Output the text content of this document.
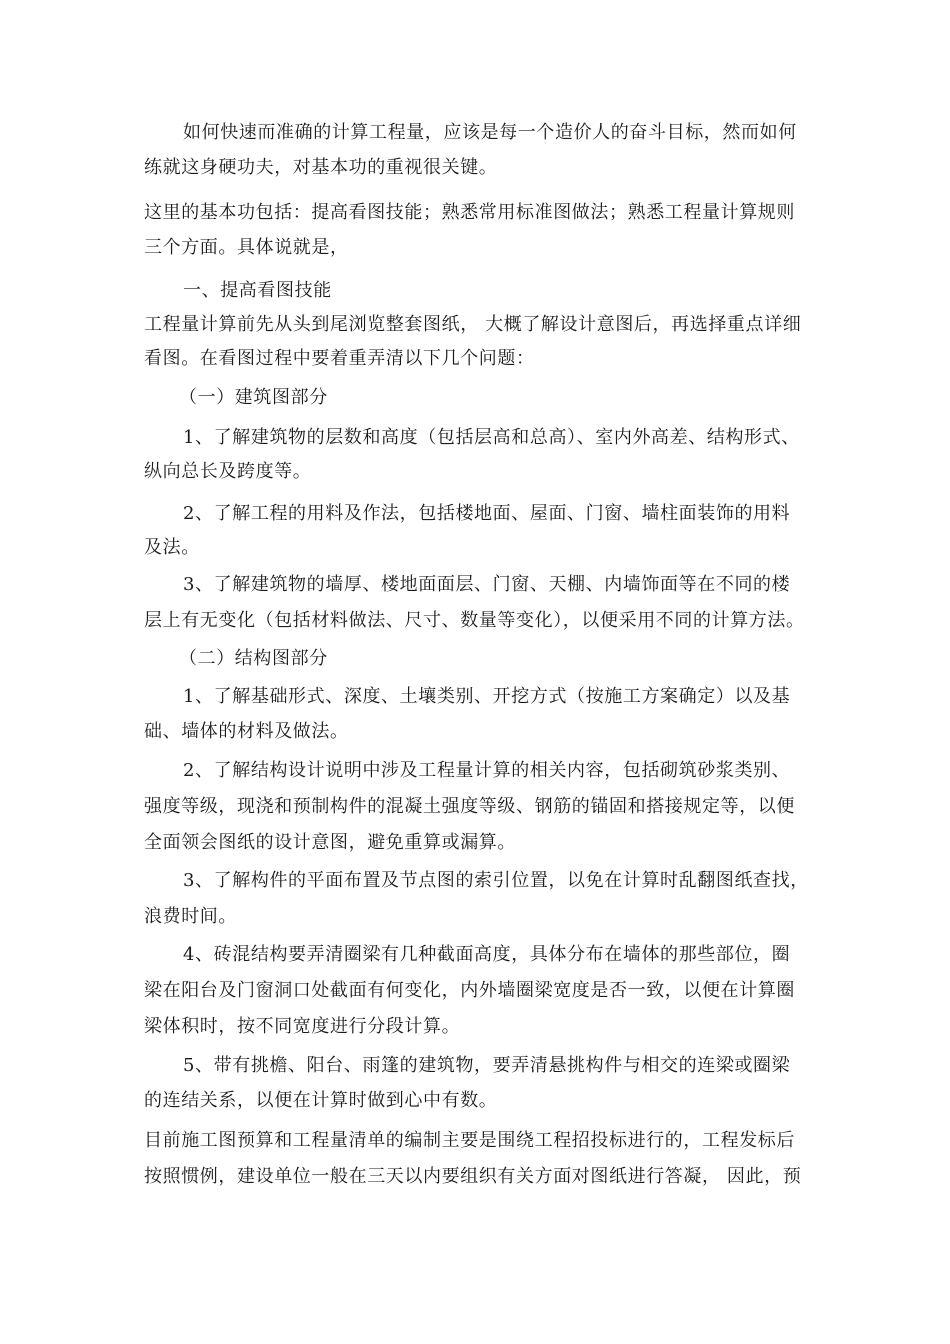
如何快速而准确的计算工程量，应该是每一个造价人的奋斗目标，然而如何
练就这身硬功夫，对基本功的重视很关键。
这里的基本功包括：提高看图技能；熟悉常用标准图做法；熟悉工程量计算规则
三个方面。具体说就是，
一、提高看图技能
工程量计算前先从头到尾浏览整套图纸， 大概了解设计意图后，再选择重点详细
看图。在看图过程中要着重弄清以下几个问题：
（一）建筑图部分
1、了解建筑物的层数和高度（包括层高和总高）、室内外高差、结构形式、
纵向总长及跨度等。
2、了解工程的用料及作法，包括楼地面、屋面、门窗、墙柱面装饰的用料
及法。
3、了解建筑物的墙厚、楼地面面层、门窗、天棚、内墙饰面等在不同的楼
层上有无变化（包括材料做法、尺寸、数量等变化），以便采用不同的计算方法。
（二）结构图部分
1、了解基础形式、深度、土壤类别、开挖方式（按施工方案确定）以及基
础、墙体的材料及做法。
2、了解结构设计说明中涉及工程量计算的相关内容，包括砌筑砂浆类别、
强度等级，现浇和预制构件的混凝土强度等级、钢筋的锚固和搭接规定等，以便
全面领会图纸的设计意图，避免重算或漏算。
3、了解构件的平面布置及节点图的索引位置，以免在计算时乱翻图纸查找，
浪费时间。
4、砖混结构要弄清圈梁有几种截面高度，具体分布在墙体的那些部位，圈
梁在阳台及门窗洞口处截面有何变化，内外墙圈梁宽度是否一致，以便在计算圈
梁体积时，按不同宽度进行分段计算。
5、带有挑檐、阳台、雨篷的建筑物，要弄清悬挑构件与相交的连梁或圈梁
的连结关系，以便在计算时做到心中有数。
目前施工图预算和工程量清单的编制主要是围绕工程招投标进行的，工程发标后
按照惯例，建设单位一般在三天以内要组织有关方面对图纸进行答凝， 因此，预
